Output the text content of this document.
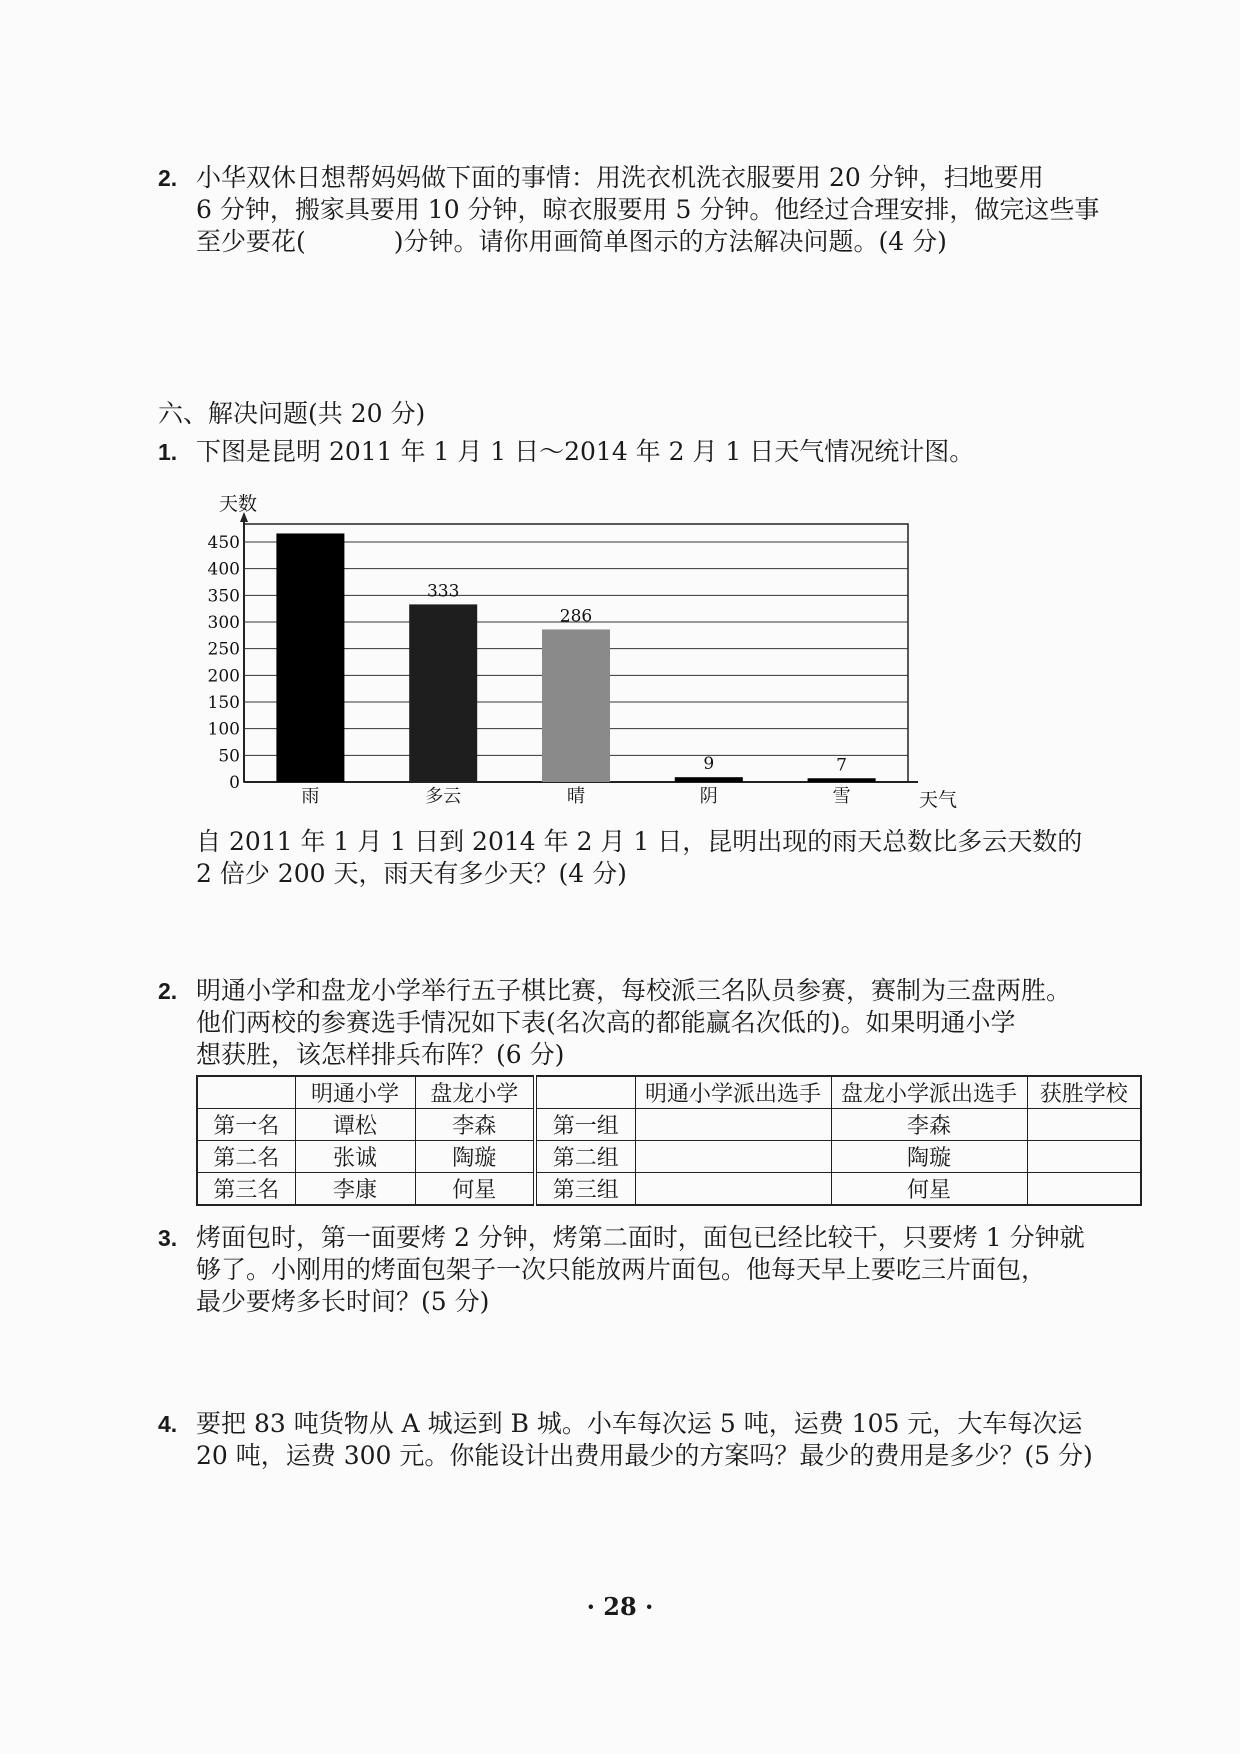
2. 小华双休日想帮妈妈做下面的事情：用洗衣机洗衣服要用 20 分钟，扫地要用
6 分钟，搬家具要用 10 分钟，晾衣服要用 5 分钟。他经过合理安排，做完这些事
至少要花(	)分钟。请你用画简单图示的方法解决问题。(4 分)
六、解决问题(共 20 分)
1. 下图是昆明 2011 年 1 月 1 日～2014 年 2 月 1 日天气情况统计图。
0
50
100
150
200
250
300
350
400
450
雨	多云
333
晴
286
阴
9
雪
7
天数
天气
自 2011 年 1 月 1 日到 2014 年 2 月 1 日，昆明出现的雨天总数比多云天数的
2 倍少 200 天，雨天有多少天？(4 分)
2. 明通小学和盘龙小学举行五子棋比赛，每校派三名队员参赛，赛制为三盘两胜。
他们两校的参赛选手情况如下表(名次高的都能赢名次低的)。如果明通小学
想获胜，该怎样排兵布阵？(6 分)
	明通小学	盘龙小学		明通小学派出选手	盘龙小学派出选手	获胜学校
第一名	谭松	李森	第一组		李森	
第二名	张诚	陶璇	第二组		陶璇	
第三名	李康	何星	第三组		何星	
3. 烤面包时，第一面要烤 2 分钟，烤第二面时，面包已经比较干，只要烤 1 分钟就
够了。小刚用的烤面包架子一次只能放两片面包。他每天早上要吃三片面包，
最少要烤多长时间？(5 分)
4. 要把 83 吨货物从 A 城运到 B 城。小车每次运 5 吨，运费 105 元，大车每次运
20 吨，运费 300 元。你能设计出费用最少的方案吗？最少的费用是多少？(5 分)
· 28 ·
